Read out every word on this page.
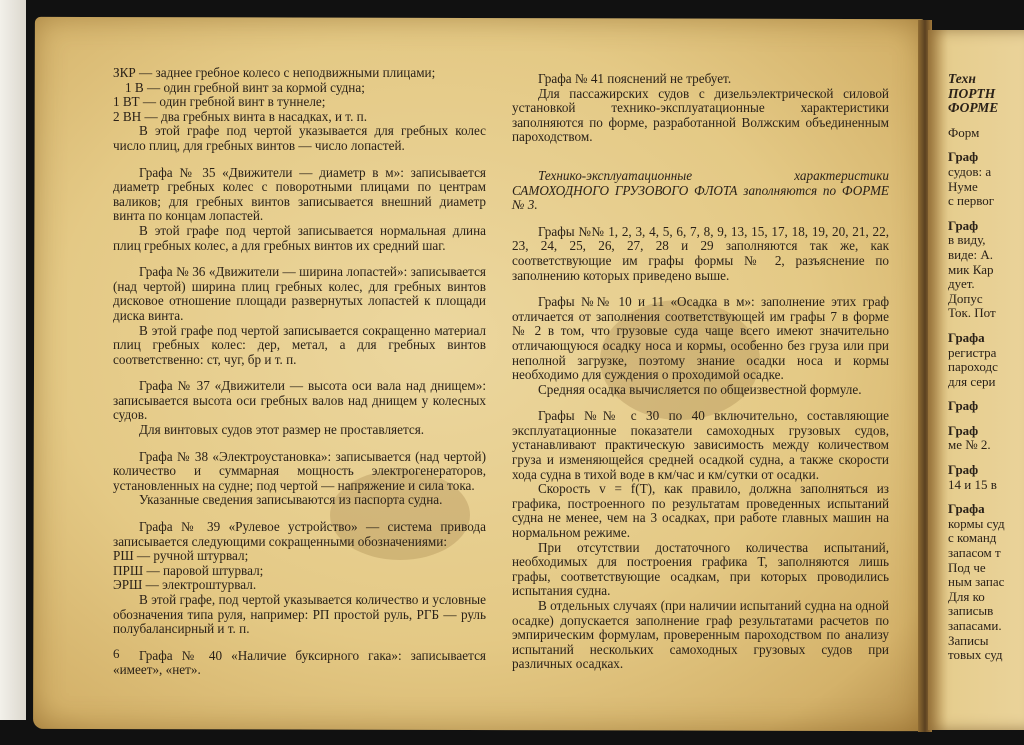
ЗКР — заднее гребное колесо с неподвижными плицами;

1 В — один гребной винт за кормой судна;

1 ВТ — один гребной винт в туннеле;

2 ВН — два гребных винта в насадках, и т. п.

В этой графе под чертой указывается для гребных колес число плиц, для гребных винтов — число лопастей.

Графа № 35 «Движители — диаметр в м»: записывается диаметр гребных колес с поворотными плицами по центрам валиков; для гребных винтов записывается внешний диаметр винта по концам лопастей.

В этой графе под чертой записывается нормальная длина плиц гребных колес, а для гребных винтов их средний шаг.

Графа № 36 «Движители — ширина лопастей»: записывается (над чертой) ширина плиц гребных колес, для гребных винтов дисковое отношение площади развернутых лопастей к площади диска винта.

В этой графе под чертой записывается сокращенно материал плиц гребных колес: дер, метал, а для гребных винтов соответственно: ст, чуг, бр и т. п.

Графа № 37 «Движители — высота оси вала над днищем»: записывается высота оси гребных валов над днищем у колесных судов.

Для винтовых судов этот размер не проставляется.

Графа № 38 «Электроустановка»: записывается (над чертой) количество и суммарная мощность электрогенераторов, установленных на судне; под чертой — напряжение и сила тока.

Указанные сведения записываются из паспорта судна.

Графа № 39 «Рулевое устройство» — система привода записывается следующими сокращенными обозначениями:

РШ — ручной штурвал;

ПРШ — паровой штурвал;

ЭРШ — электроштурвал.

В этой графе, под чертой указывается количество и условные обозначения типа руля, например: РП простой руль, РГБ — руль полубалансирный и т. п.

Графа № 40 «Наличие буксирного гака»: записывается «имеет», «нет».

Графа № 41 пояснений не требует.

Для пассажирских судов с дизельэлектрической силовой установкой технико-эксплуатационные характеристики заполняются по форме, разработанной Волжским объединенным пароходством.

Технико-эксплуатационные характеристики САМОХОДНОГО ГРУЗОВОГО ФЛОТА заполняются по ФОРМЕ № 3.

Графы №№ 1, 2, 3, 4, 5, 6, 7, 8, 9, 13, 15, 17, 18, 19, 20, 21, 22, 23, 24, 25, 26, 27, 28 и 29 заполняются так же, как соответствующие им графы формы № 2, разъяснение по заполнению которых приведено выше.

Графы №№ 10 и 11 «Осадка в м»: заполнение этих граф отличается от заполнения соответствующей им графы 7 в форме № 2 в том, что грузовые суда чаще всего имеют значительно отличающуюся осадку носа и кормы, особенно без груза или при неполной загрузке, поэтому знание осадки носа и кормы необходимо для суждения о проходимой осадке.

Средняя осадка вычисляется по общеизвестной формуле.

Графы №№ с 30 по 40 включительно, составляющие эксплуатационные показатели самоходных грузовых судов, устанавливают практическую зависимость между количеством груза и изменяющейся средней осадкой судна, а также скорости хода судна в тихой воде в км/час и км/сутки от осадки.

Скорость v = f(T), как правило, должна заполняться из графика, построенного по результатам проведенных испытаний судна не менее, чем на 3 осадках, при работе главных машин на нормальном режиме.

При отсутствии достаточного количества испытаний, необходимых для построения графика T, заполняются лишь графы, соответствующие осадкам, при которых проводились испытания судна.

В отдельных случаях (при наличии испытаний судна на одной осадке) допускается заполнение граф результатами расчетов по эмпирическим формулам, проверенным пароходством по анализу испытаний нескольких самоходных грузовых судов при различных осадках.

Техн

ПОРТН

ФОРМЕ

Форм

Граф

судов: а

Нуме

с первог

Граф

в виду,

виде: А.

мик Кар

дует.

Допус

Ток. Пот

Графа

регистра

пароходс

для сери

Граф

Граф

ме № 2.

Граф

14 и 15 в

Графа

кормы суд

с команд

запасом т

Под че

ным запас

Для ко

записыв

запасами.

Записы

товых суд

6
